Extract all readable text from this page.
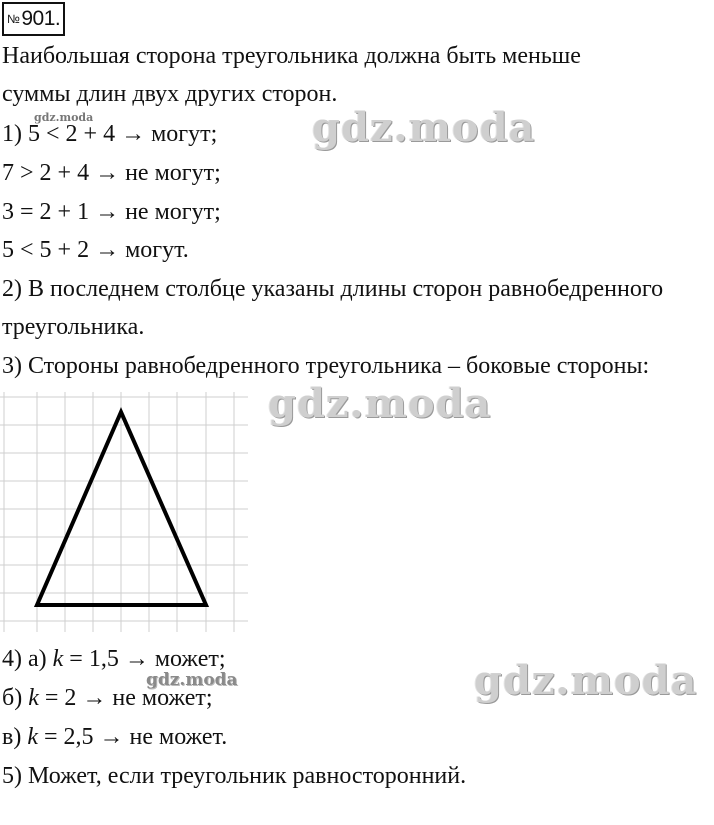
№901.
Наибольшая сторона треугольника должна быть меньше
суммы длин двух других сторон.
1) 5 < 2 + 4 → могут;
7 > 2 + 4 → не могут;
3 = 2 + 1 → не могут;
5 < 5 + 2 → могут.
2) В последнем столбце указаны длины сторон равнобедренного
треугольника.
3) Стороны равнобедренного треугольника – боковые стороны:
4) а) k = 1,5 → может;
б) k = 2 → не может;
в) k = 2,5 → не может.
5) Может, если треугольник равносторонний.
gdz.moda
gdz.moda
gdz.moda
gdz.moda
gdz.moda
